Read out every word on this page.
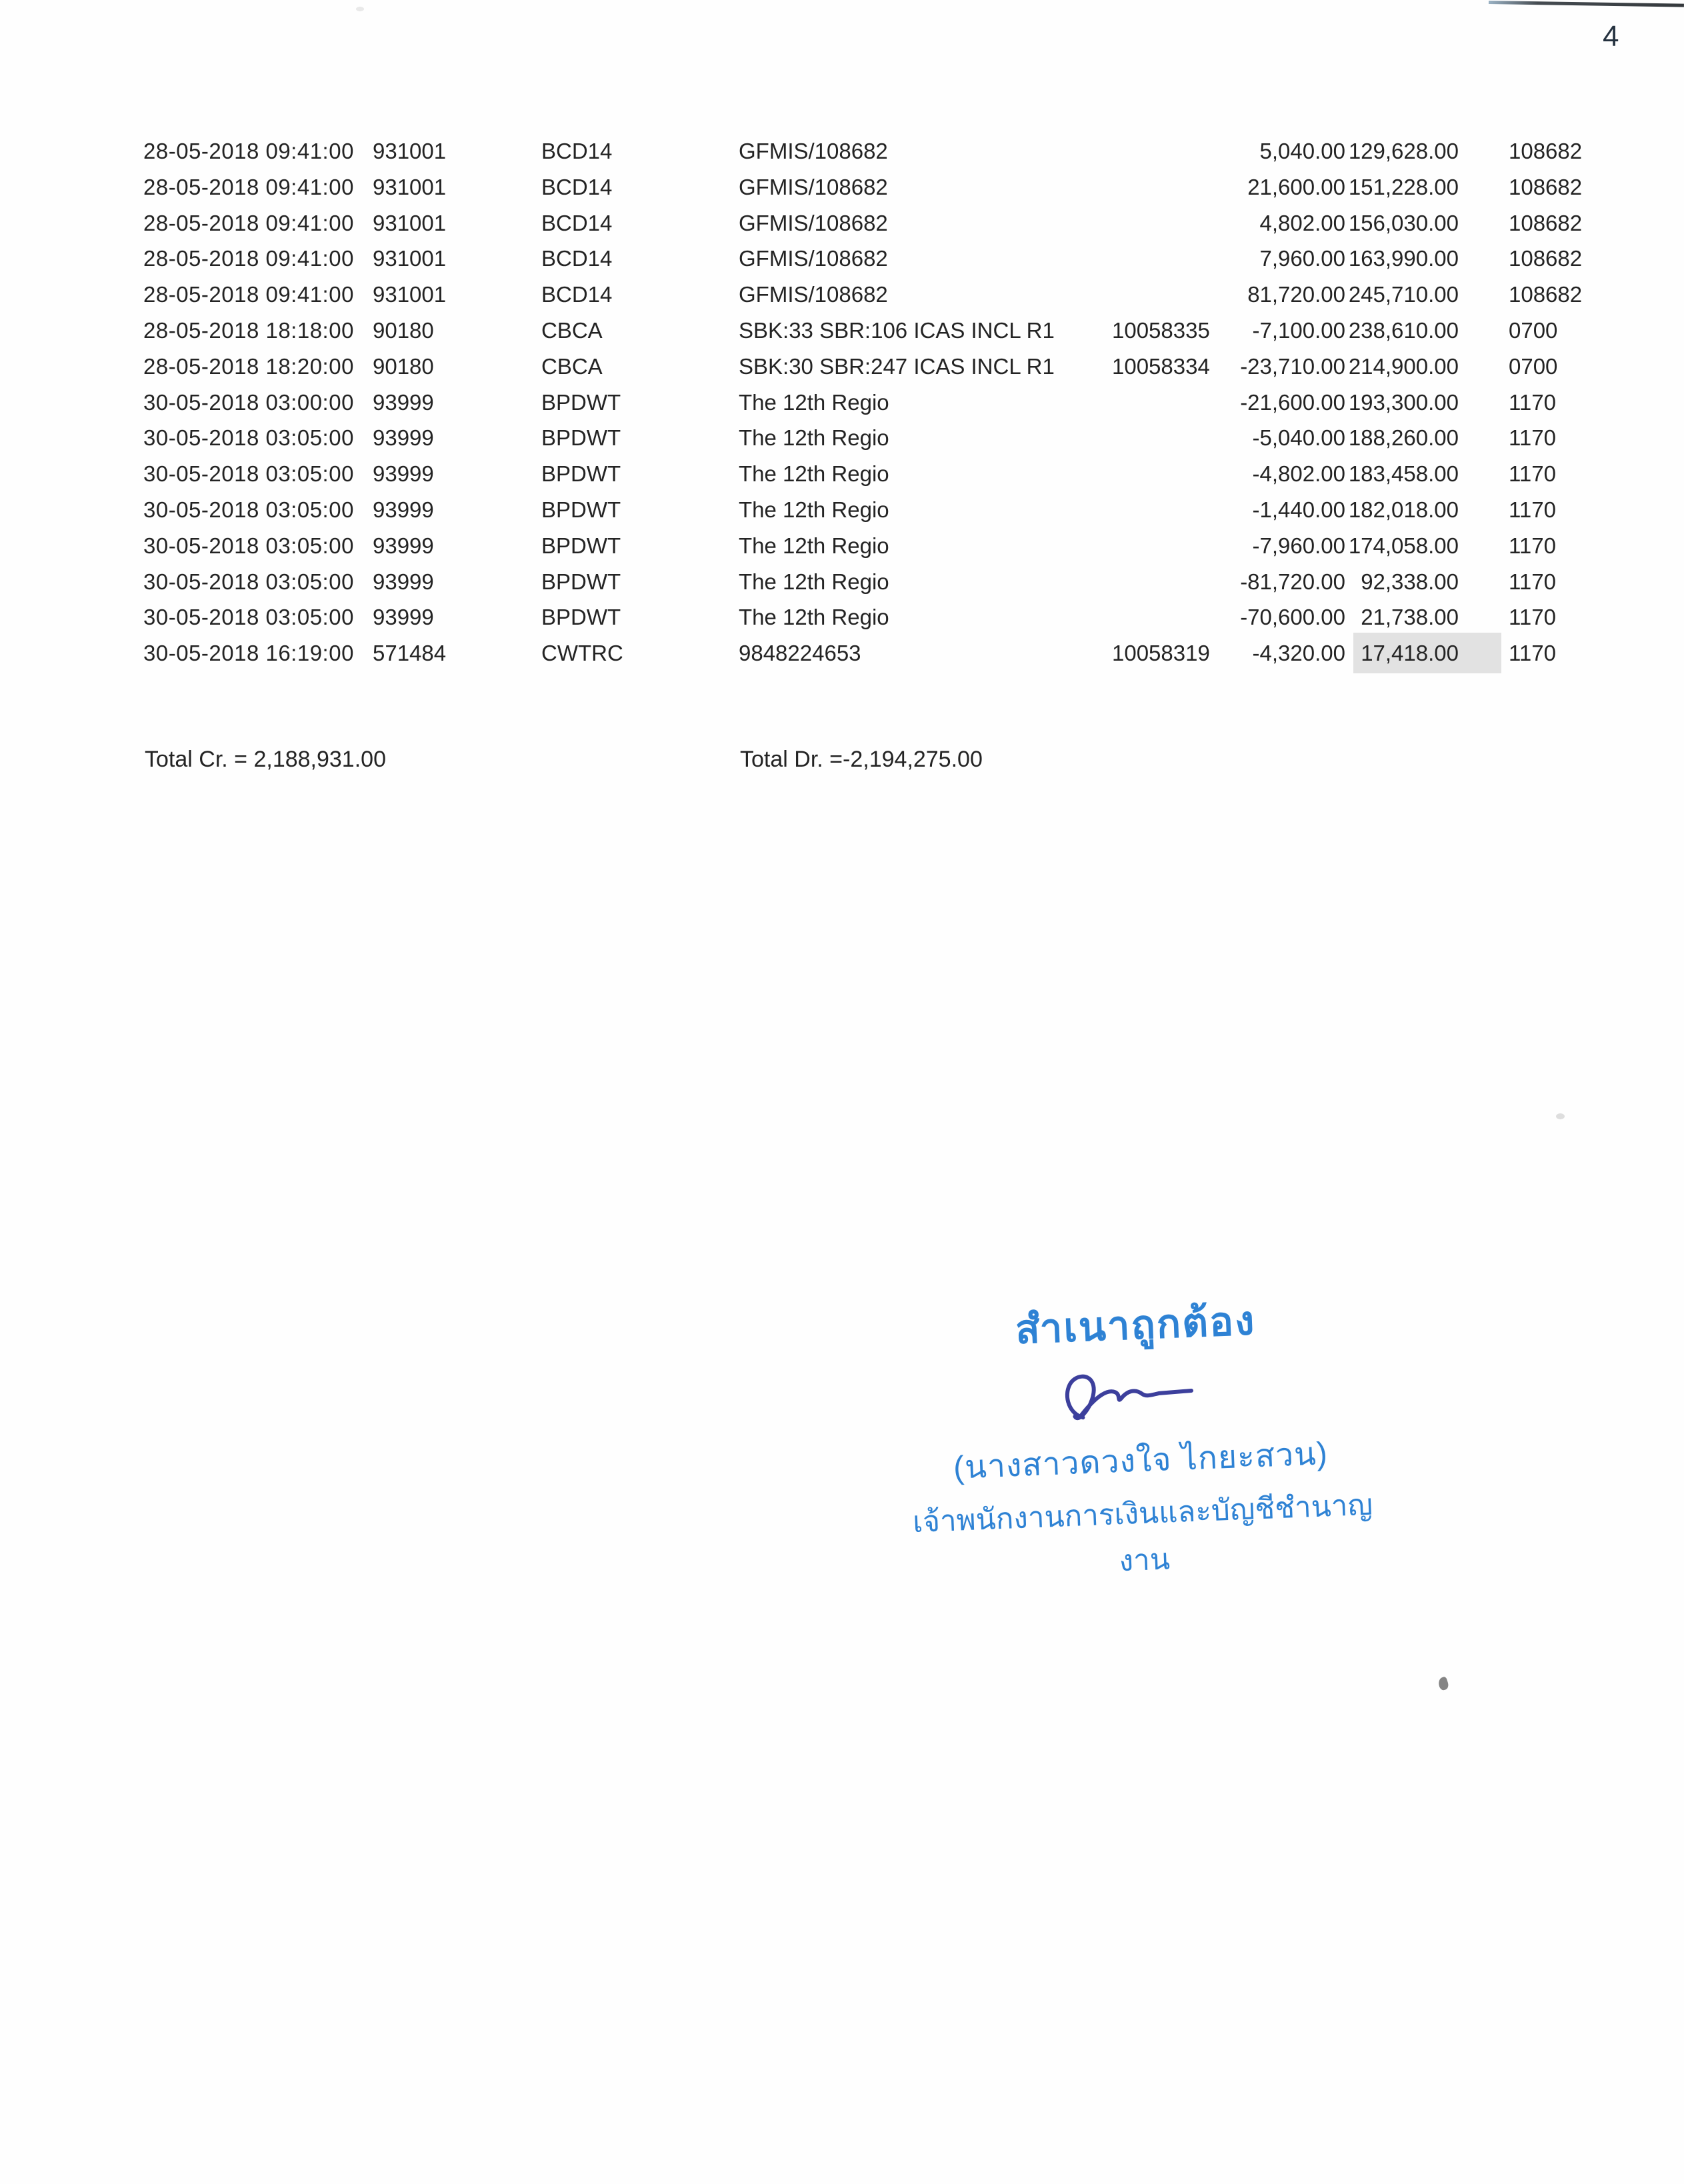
4
28-05-2018 09:41:00 931001	BCD14	GFMIS/108682	5,040.00 129,628.00 108682
28-05-2018 09:41:00 931001	BCD14	GFMIS/108682	21,600.00 151,228.00 108682
28-05-2018 09:41:00 931001	BCD14	GFMIS/108682	4,802.00 156,030.00 108682
28-05-2018 09:41:00 931001	BCD14	GFMIS/108682	7,960.00 163,990.00 108682
28-05-2018 09:41:00 931001	BCD14	GFMIS/108682	81,720.00 245,710.00 108682
28-05-2018 18:18:00 90180	CBCA	SBK:33 SBR:106 ICAS INCL R1	10058335	-7,100.00 238,610.00 0700
28-05-2018 18:20:00 90180	CBCA	SBK:30 SBR:247 ICAS INCL R1	10058334	-23,710.00 214,900.00 0700
30-05-2018 03:00:00 93999	BPDWT	The 12th Regio	-21,600.00 193,300.00 1170
30-05-2018 03:05:00 93999	BPDWT	The 12th Regio	-5,040.00 188,260.00 1170
30-05-2018 03:05:00 93999	BPDWT	The 12th Regio	-4,802.00 183,458.00 1170
30-05-2018 03:05:00 93999	BPDWT	The 12th Regio	-1,440.00 182,018.00 1170
30-05-2018 03:05:00 93999	BPDWT	The 12th Regio	-7,960.00 174,058.00 1170
30-05-2018 03:05:00 93999	BPDWT	The 12th Regio	-81,720.00 92,338.00 1170
30-05-2018 03:05:00 93999	BPDWT	The 12th Regio	-70,600.00 21,738.00 1170
30-05-2018 16:19:00 571484	CWTRC	9848224653	10058319	-4,320.00 17,418.00 1170
Total Cr. = 2,188,931.00	Total Dr. =-2,194,275.00
สำเนาถูกต้อง
(นางสาวดวงใจ ไกยะสวน)
เจ้าพนักงานการเงินและบัญชีชำนาญงาน
